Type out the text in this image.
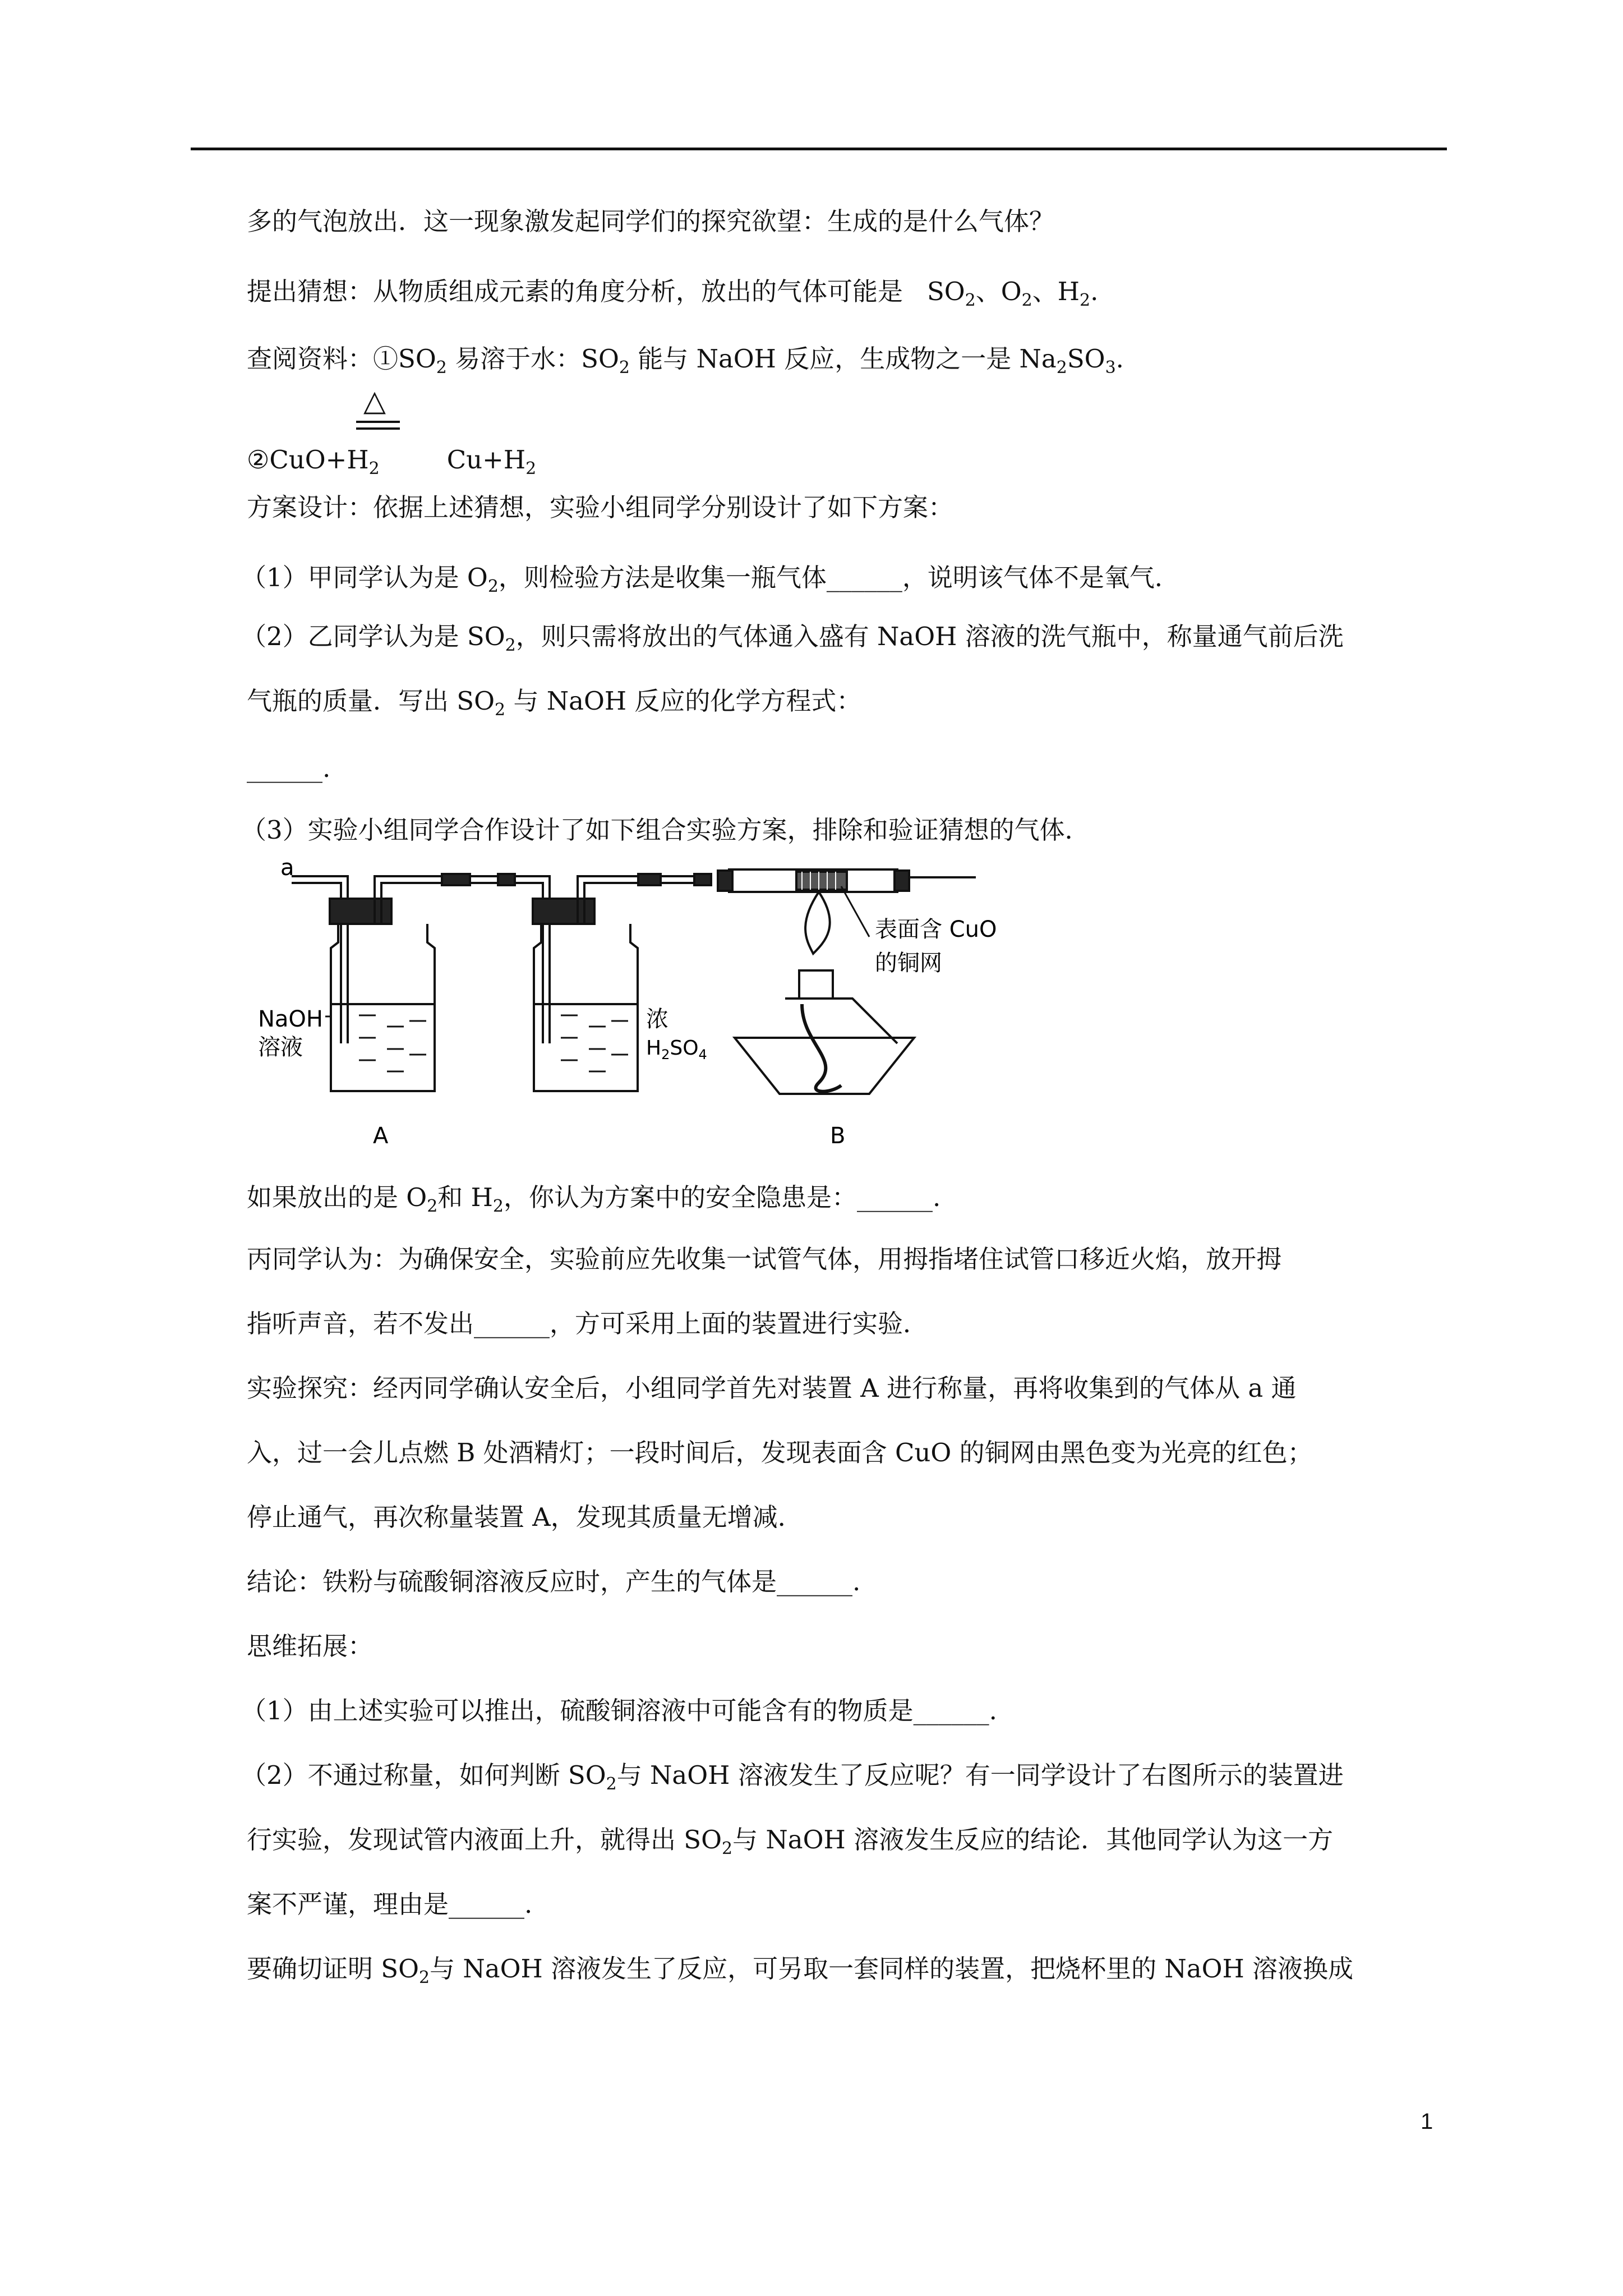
多的气泡放出．这一现象激发起同学们的探究欲望：生成的是什么气体？
提出猜想：从物质组成元素的角度分析，放出的气体可能是 $SO_2$、$O_2$、$H_2$.
查阅资料：$①SO_2$ 易溶于水：$SO_2$ 能与 NaOH 反应，生成物之一是 $Na_2SO_3$.
△
$②CuO+H_2$	$Cu+H_2$
方案设计：依据上述猜想，实验小组同学分别设计了如下方案：
（1）甲同学认为是 $O_2$，则检验方法是收集一瓶气体______，说明该气体不是氧气．
（2）乙同学认为是 $SO_2$，则只需将放出的气体通入盛有 NaOH 溶液的洗气瓶中，称量通气前后洗
气瓶的质量．写出 $SO_2$ 与 NaOH 反应的化学方程式：
______.
（3）实验小组同学合作设计了如下组合实验方案，排除和验证猜想的气体．
a
NaOH
溶液
浓
$H_2SO_4$
表面含 CuO
的铜网
A	B
如果放出的是 $O_2$和 $H_2$，你认为方案中的安全隐患是：______.
丙同学认为：为确保安全，实验前应先收集一试管气体，用拇指堵住试管口移近火焰，放开拇
指听声音，若不发出______，方可采用上面的装置进行实验．
实验探究：经丙同学确认安全后，小组同学首先对装置 A 进行称量，再将收集到的气体从 a 通
入，过一会儿点燃 B 处酒精灯；一段时间后，发现表面含 CuO 的铜网由黑色变为光亮的红色；
停止通气，再次称量装置 A，发现其质量无增减．
结论：铁粉与硫酸铜溶液反应时，产生的气体是______.
思维拓展：
（1）由上述实验可以推出，硫酸铜溶液中可能含有的物质是______.
（2）不通过称量，如何判断 $SO_2$与 NaOH 溶液发生了反应呢？有一同学设计了右图所示的装置进
行实验，发现试管内液面上升，就得出 $SO_2$与 NaOH 溶液发生反应的结论．其他同学认为这一方
案不严谨，理由是______.
要确切证明 $SO_2$与 NaOH 溶液发生了反应，可另取一套同样的装置，把烧杯里的 NaOH 溶液换成
1
